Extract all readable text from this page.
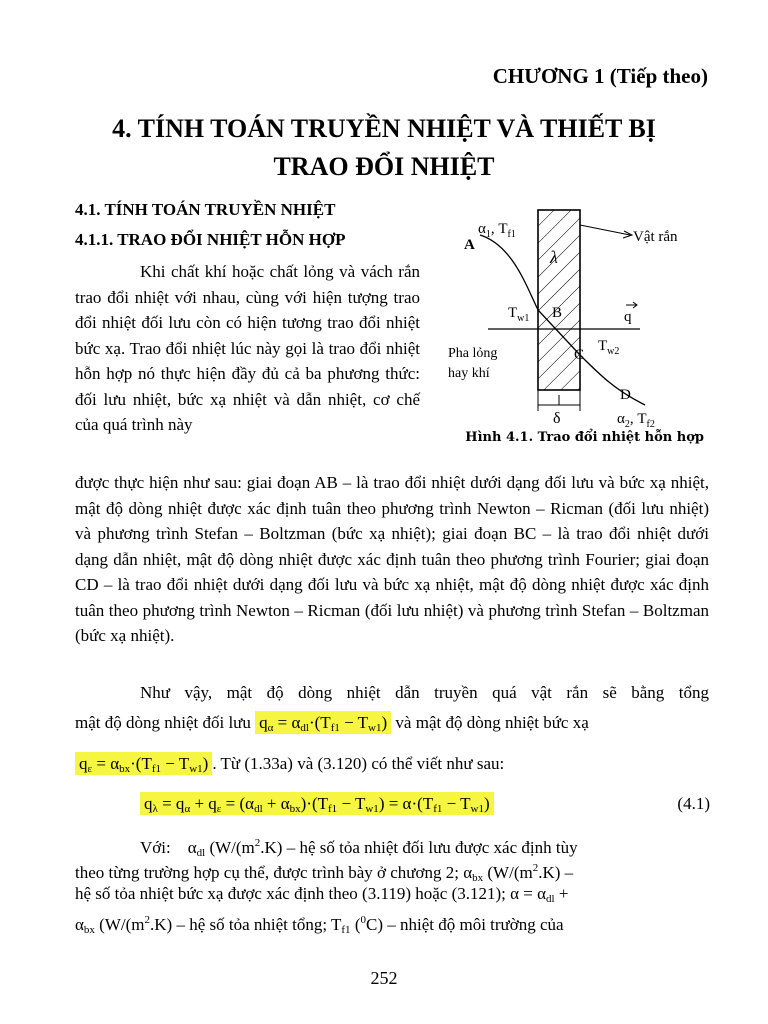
CHƯƠNG 1 (Tiếp theo)
4. TÍNH TOÁN TRUYỀN NHIỆT VÀ THIẾT BỊ
TRAO ĐỔI NHIỆT
4.1. TÍNH TOÁN TRUYỀN NHIỆT
4.1.1. TRAO ĐỔI NHIỆT HỖN HỢP
Khi chất khí hoặc chất lỏng và vách rắn trao đổi nhiệt với nhau, cùng với hiện tượng trao đổi nhiệt đối lưu còn có hiện tương trao đổi nhiệt bức xạ. Trao đổi nhiệt lúc này gọi là trao đổi nhiệt hỗn hợp nó thực hiện đầy đủ cả ba phương thức: đối lưu nhiệt, bức xạ nhiệt và dẫn nhiệt, cơ chế của quá trình này
Vật rắn
A
$\alpha_1$, $T_{f1}$
λ
B
C
D
$T_{w1}$
$T_{w2}$
$\alpha_2$, $T_{f2}$
Pha lỏng
hay khí
δ
q
Hình 4.1. Trao đổi nhiệt hỗn hợp
được thực hiện như sau: giai đoạn AB – là trao đổi nhiệt dưới dạng đối lưu và bức xạ nhiệt, mật độ dòng nhiệt được xác định tuân theo phương trình Newton – Ricman (đối lưu nhiệt) và phương trình Stefan – Boltzman (bức xạ nhiệt); giai đoạn BC – là trao đổi nhiệt dưới dạng dẫn nhiệt, mật độ dòng nhiệt được xác định tuân theo phương trình Fourier; giai đoạn CD – là trao đổi nhiệt dưới dạng đối lưu và bức xạ nhiệt, mật độ dòng nhiệt được xác định tuân theo phương trình Newton – Ricman (đối lưu nhiệt) và phương trình Stefan – Boltzman (bức xạ nhiệt).
Như vậy, mật độ dòng nhiệt dẫn truyền quá vật rắn sẽ bằng tổng
mật độ dòng nhiệt đối lưu $q_\alpha = \alpha_{dl}\cdot(T_{f1} - T_{w1})$ và mật độ dòng nhiệt bức xạ
$q_\varepsilon = \alpha_{bx}\cdot(T_{f1} - T_{w1})$ . Từ (1.33a) và (3.120) có thể viết như sau:
$q_\lambda = q_\alpha + q_\varepsilon = (\alpha_{dl} + \alpha_{bx})\cdot(T_{f1} - T_{w1}) = \alpha\cdot(T_{f1} - T_{w1})$	(4.1)
Với:    $\alpha_{dl}$ ($W/(m^2.K)$ – hệ số tỏa nhiệt đối lưu được xác định tùy
theo từng trường hợp cụ thể, được trình bày ở chương 2; $\alpha_{bx}$ ($W/(m^2.K)$ –
hệ số tỏa nhiệt bức xạ được xác định theo (3.119) hoặc (3.121); $\alpha = \alpha_{dl}$ +
$\alpha_{bx}$ ($W/(m^2.K)$ – hệ số tỏa nhiệt tổng; $T_{f1}$ ($^0$C) – nhiệt độ môi trường của
252
